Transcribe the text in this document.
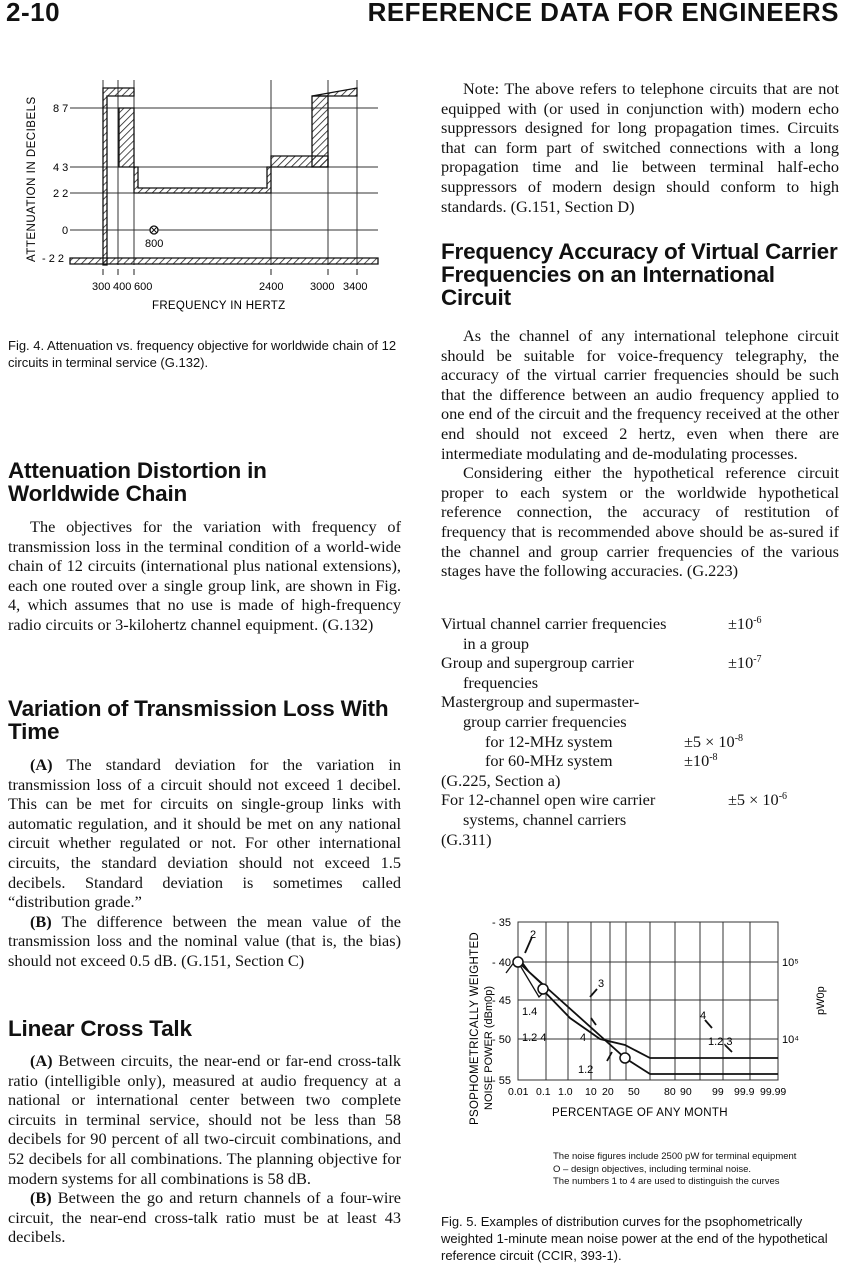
2-10	REFERENCE DATA FOR ENGINEERS
ATTENUATION IN DECIBELS	800
8 7
4 3
2 2
0
- 2 2
300 400 600	2400 3000 3400
FREQUENCY IN HERTZ

Fig. 4. Attenuation vs. frequency objective for worldwide chain of 12 circuits in terminal service (G.132).

Attenuation Distortion in Worldwide Chain

The objectives for the variation with frequency of transmission loss in the terminal condition of a world-wide chain of 12 circuits (international plus national extensions), each one routed over a single group link, are shown in Fig. 4, which assumes that no use is made of high-frequency radio circuits or 3-kilohertz channel equipment. (G.132)

Variation of Transmission Loss With Time

(A) The standard deviation for the variation in transmission loss of a circuit should not exceed 1 decibel. This can be met for circuits on single-group links with automatic regulation, and it should be met on any national circuit whether regulated or not. For other international circuits, the standard deviation should not exceed 1.5 decibels. Standard deviation is sometimes called “distribution grade.”

(B) The difference between the mean value of the transmission loss and the nominal value (that is, the bias) should not exceed 0.5 dB. (G.151, Section C)

Linear Cross Talk

(A) Between circuits, the near-end or far-end cross-talk ratio (intelligible only), measured at audio frequency at a national or international center between two complete circuits in terminal service, should not be less than 58 decibels for 90 percent of all two-circuit combinations, and 52 decibels for all combinations. The planning objective for modern systems for all combinations is 58 dB.

(B) Between the go and return channels of a four-wire circuit, the near-end cross-talk ratio must be at least 43 decibels.

Note: The above refers to telephone circuits that are not equipped with (or used in conjunction with) modern echo suppressors designed for long propagation times. Circuits that can form part of switched connections with a long propagation time and lie between terminal half-echo suppressors of modern design should conform to high standards. (G.151, Section D)

Frequency Accuracy of Virtual Carrier Frequencies on an International Circuit

As the channel of any international telephone circuit should be suitable for voice-frequency telegraphy, the accuracy of the virtual carrier frequencies should be such that the difference between an audio frequency applied to one end of the circuit and the frequency received at the other end should not exceed 2 hertz, even when there are intermediate modulating and de-modulating processes.

Considering either the hypothetical reference circuit proper to each system or the worldwide hypothetical reference connection, the accuracy of restitution of frequency that is recommended above should be as-sured if the channel and group carrier frequencies of the various stages have the following accuracies. (G.223)

Virtual channel carrier frequencies	$\pm 10^{-6}$
in a group
Group and supergroup carrier	$\pm 10^{-7}$
frequencies
Mastergroup and supermaster-
group carrier frequencies
for 12-MHz system	$\pm 5 \times 10^{-8}$
for 60-MHz system	$\pm 10^{-8}$
(G.225, Section a)
For 12-channel open wire carrier	$\pm 5 \times 10^{-6}$
systems, channel carriers
(G.311)
PSOPHOMETRICALLY WEIGHTED NOISE POWER (dBm0p)
2
3
1.4
1.2 4	4
4
1.2.3
1.2
- 35
- 40
- 45
- 50
- 55
10⁵
10⁴
pW0p
0.01 0.1 1.0 10 20 50 80 90 99 99.9 99.99
PERCENTAGE OF ANY MONTH
The noise figures include 2500 pW for terminal equipment
O – design objectives, including terminal noise.
The numbers 1 to 4 are used to distinguish the curves

Fig. 5. Examples of distribution curves for the psophometrically weighted 1-minute mean noise power at the end of the hypothetical reference circuit (CCIR, 393-1).
